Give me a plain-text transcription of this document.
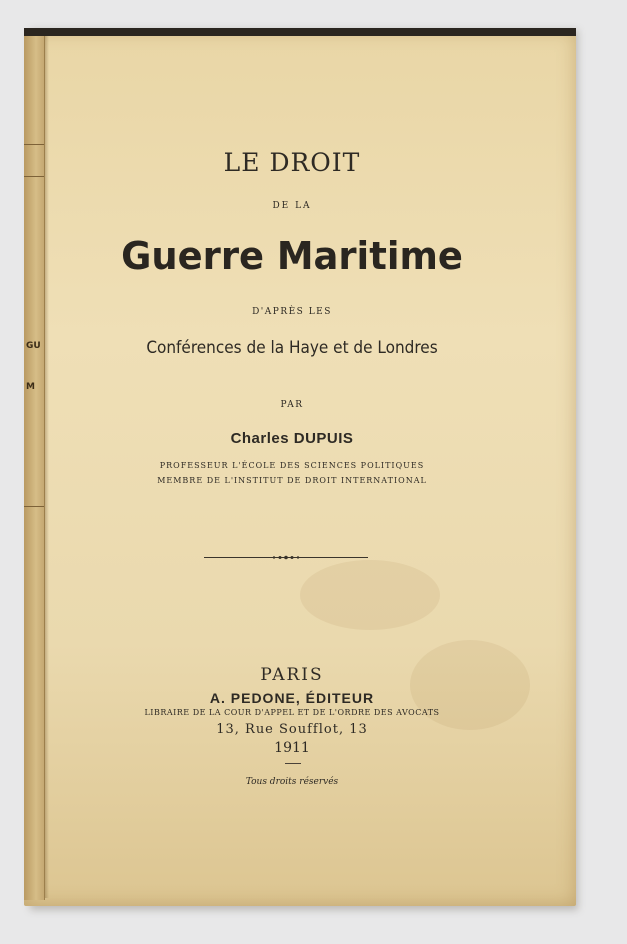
GU
M
LE DROIT
DE LA
Guerre Maritime
D'APRÈS LES
Conférences de la Haye et de Londres
PAR
Charles DUPUIS
PROFESSEUR L'ÉCOLE DES SCIENCES POLITIQUES
MEMBRE DE L'INSTITUT DE DROIT INTERNATIONAL
PARIS
A. PEDONE, ÉDITEUR
LIBRAIRE DE LA COUR D'APPEL ET DE L'ORDRE DES AVOCATS
13, Rue Soufflot, 13
1911
Tous droits réservés
